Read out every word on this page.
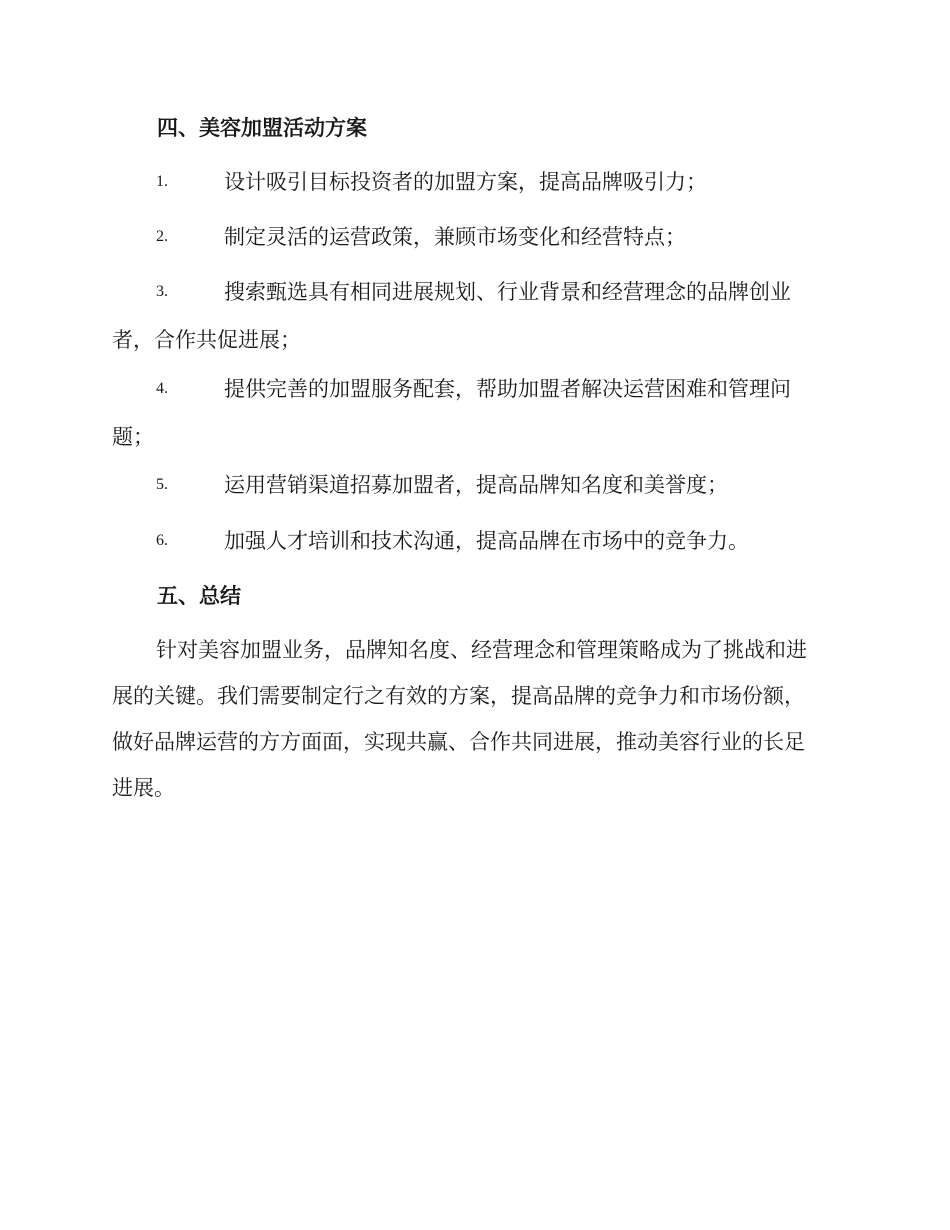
四、美容加盟活动方案

1.	设计吸引目标投资者的加盟方案，提高品牌吸引力；

2.	制定灵活的运营政策，兼顾市场变化和经营特点；

3.	搜索甄选具有相同进展规划、行业背景和经营理念的品牌创业
者，合作共促进展；

4.	提供完善的加盟服务配套，帮助加盟者解决运营困难和管理问
题；

5.	运用营销渠道招募加盟者，提高品牌知名度和美誉度；

6.	加强人才培训和技术沟通，提高品牌在市场中的竞争力。

五、总结

针对美容加盟业务，品牌知名度、经营理念和管理策略成为了挑战和进
展的关键。我们需要制定行之有效的方案，提高品牌的竞争力和市场份额，
做好品牌运营的方方面面，实现共赢、合作共同进展，推动美容行业的长足
进展。
